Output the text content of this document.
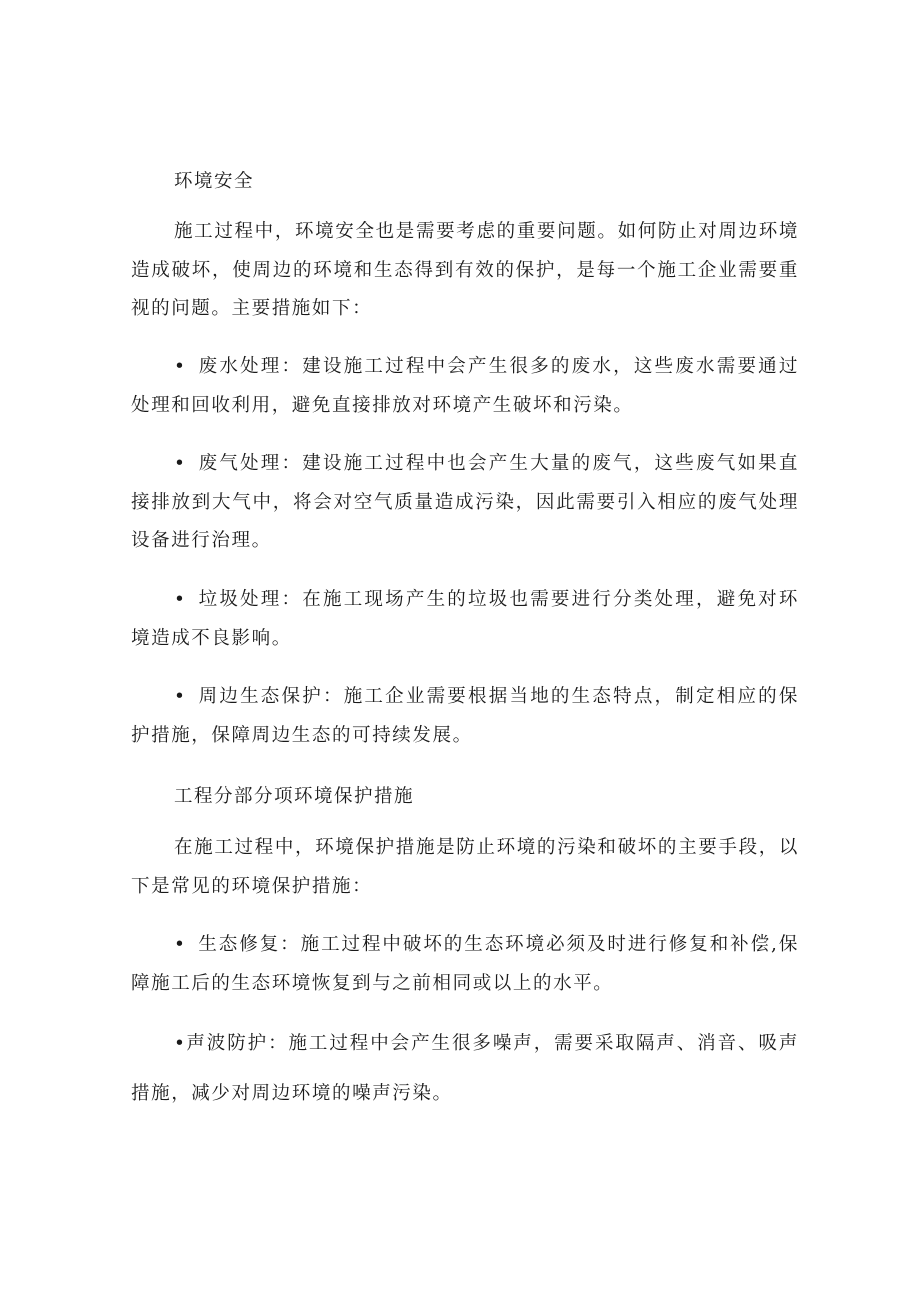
环境安全
施工过程中，环境安全也是需要考虑的重要问题。如何防止对周边环境造成破坏，使周边的环境和生态得到有效的保护，是每一个施工企业需要重视的问题。主要措施如下：
• 废水处理：建设施工过程中会产生很多的废水，这些废水需要通过处理和回收利用，避免直接排放对环境产生破坏和污染。
• 废气处理：建设施工过程中也会产生大量的废气，这些废气如果直接排放到大气中，将会对空气质量造成污染，因此需要引入相应的废气处理设备进行治理。
• 垃圾处理：在施工现场产生的垃圾也需要进行分类处理，避免对环境造成不良影响。
• 周边生态保护：施工企业需要根据当地的生态特点，制定相应的保护措施，保障周边生态的可持续发展。
工程分部分项环境保护措施
在施工过程中，环境保护措施是防止环境的污染和破坏的主要手段，以下是常见的环境保护措施：
• 生态修复：施工过程中破坏的生态环境必须及时进行修复和补偿,保障施工后的生态环境恢复到与之前相同或以上的水平。
•声波防护：施工过程中会产生很多噪声，需要采取隔声、消音、吸声措施，减少对周边环境的噪声污染。
